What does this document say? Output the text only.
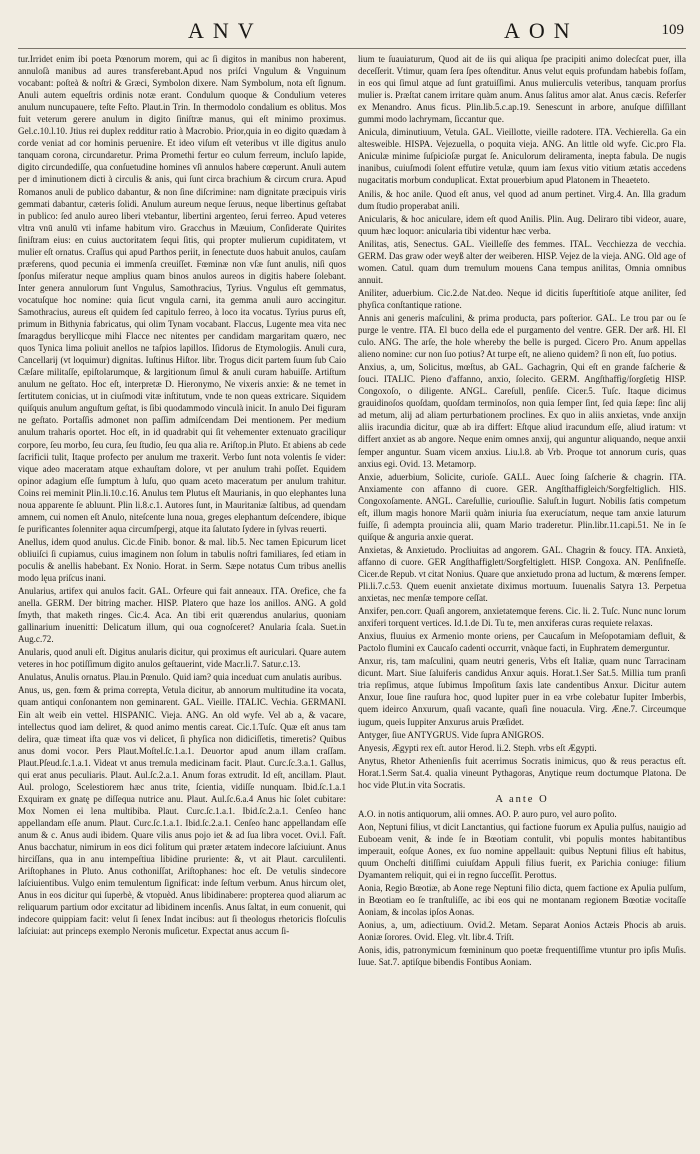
ANV	AON	109

tur.Irridet enim ibi poeta Pœnorum morem, qui ac ſi digitos in manibus non haberent, annuloſà manibus ad aures transferebant.Apud nos priſci Vngulum & Vnguinum vocabant: poſteà & noſtri & Græci, Symbolon dixere. Nam Symbolum, nota eſt ſignum. Anuli autem equeſtris ordinis notæ erant. Condulum quoque & Condulium veteres anulum nuncupauere, teſte Feſto. Plaut.in Trin. In thermodolo condalium es oblitus. Mos fuit veterum gerere anulum in digito ſiniſtræ manus, qui eſt minimo proximus. Gel.c.10.l.10. Jtius rei duplex redditur ratio à Macrobio. Prior,quia in eo digito quædam à corde veniat ad cor hominis peruenire. Et ideo viſum eſt veteribus vt ille digitus anulo tanquam corona, circundaretur. Prima Promethi fertur eo culum ferreum, incluſo lapide, digito circundediſſe, qua conſuetudine homines vſi annulos habere cœperunt. Anuli autem per d iminutionem dicti à circulis & anis, qui ſunt circa brachium & circum crura. Apud Romanos anuli de publico dabantur, & non ſine diſcrimine: nam dignitate præcipuis viris gemmati dabantur, cæteris ſolidi. Anulum aureum neque ſeruus, neque libertinus geſtabat in publico: ſed anulo aureo liberi vtebantur, libertini argenteo, ſerui ferreo. Apud veteres vltra vnū anulū vti infame habitum viro. Gracchus in Mæuium, Conſiderate Quirites ſiniſtram eius: en cuius auctoritatem ſequi ſitis, qui propter mulierum cupiditatem, vt mulier eſt ornatus. Craſſus qui apud Parthos periit, in ſenectute duos habuit anulos, cauſam præferens, quod pecunia ei immenſa creuiſſet. Fœminæ non vſæ ſunt anulis, niſi quos ſponſus miſeratur neque amplius quam binos anulos aureos in digitis habere ſolebant. Inter genera annulorum ſunt Vngulus, Samothracius, Tyrius. Vngulus eſt gemmatus, vocatuſque hoc nomine: quia ſicut vngula carni, ita gemma anuli auro accingitur. Samothracius, aureus eſt quidem ſed capitulo ferreo, à loco ita vocatus. Tyrius purus eſt, primum in Bithynia fabricatus, qui olim Tynam vocabant. Flaccus, Lugente mea vita nec ſmaragdus beryllicque mihi Flacce nec nitentes per candidam margaritam quæro, nec quos Tynica lima poliuit anellos ne taſpios lapillos. Iſidorus de Etymologiis. Anuli cura, Cancellarij (vt loquimur) dignitas. Iuſtinus Hiſtor. libr. Trogus dicit partem ſuum ſub Caio Cæſare militaſſe, epiſtolarumque, & largitionum ſimul & anuli curam habuiſſe. Artiſtum anulum ne geſtato. Hoc eſt, interpretæ D. Hieronymo, Ne vixeris anxie: & ne temet in ſertitutem conicias, ut in ciuſmodi vitæ inſtitutum, vnde te non queas extricare. Siquidem quiſquis anulum anguſtum geſtat, is ſibi quodammodo vinculà inicit. In anulo Dei figuram ne geſtato. Portaſſis admonet non paſſim admiſcendam Dei mentionem. Per medium anulum traharis oportet. Hoc eſt, in id quadrabit qui ſit vehementer extenuato graciliqur corpore, ſeu morbo, ſeu cura, ſeu ſtudio, ſeu qua alia re. Ariſtop.in Pluto. Et abiens ab cede ſacrificii tulit, Itaque profecto per anulum me traxerit. Verbo ſunt nota volentis ſe vider: vique adeo maceratam atque exhauſtam dolore, vt per anulum trahi poſſet. Equidem opinor adagium eſſe ſumptum à luſu, quo quam aceto maceratum per anulum trahitur. Coins rei meminit Plin.li.10.c.16. Anulus tem Plutus eſt Maurianis, in quo elephantes luna noua apparente ſe abluunt. Plin li.8.c.1. Autores ſunt, in Mauritaniæ ſaltibus, ad quendam amnem, cui nomen eſt Anulo, niteſcente luna noua, greges elephantum deſcendere, ibique ſe purificantes ſolenniter aqua circumſpergi, atque ita ſalutato ſydere in ſylvas reuerti.

Anellus, idem quod anulus. Cic.de Finib. bonor. & mal. lib.5. Nec tamen Epicurum licet obliuiſci ſi cupiamus, cuius imaginem non ſolum in tabulis noſtri familiares, ſed etiam in poculis & anellis habebant. Ex Nonio. Horat. in Serm. Sæpe notatus Cum tribus anellis modo lęua priſcus inani.

Anularius, artifex qui anulos facit. GAL. Orfeure qui fait anneaux. ITA. Orefice, che fa anella. GERM. Der bitring macher. HISP. Platero que haze los anillos. ANG. A gold ſmyth, that maketh ringes. Cic.4. Aca. An tibi erit quærendus anularius, quoniam gallinarium inuenitti: Delicatum illum, qui oua cognoſceret? Anularia ſcala. Suet.in Aug.c.72.

Anularis, quod anuli eſt. Digitus anularis dicitur, qui proximus eſt auriculari. Quare autem veteres in hoc potiſſimum digito anulos geſtauerint, vide Macr.li.7. Satur.c.13.

Anulatus, Anulis ornatus. Plau.in Pœnulo. Quid iam? quia inceduat cum anulatis auribus.

Anus, us, gen. fœm & prima correpta, Vetula dicitur, ab annorum multitudine ita vocata, quam antiqui conſonantem non geminarent. GAL. Vieille. ITALIC. Vechia. GERMANI. Ein alt weib ein vettel. HISPANIC. Vieja. ANG. An old wyfe. Vel ab a, & vacare, intellectus quod iam deliret, & quod animo mentis careat. Cic.1.Tuſc. Quæ eſt anus tam delira, quæ timeat iſta quæ vos vi delicet, ſi phyſica non didiciſſetis, timeretis? Quibus anus domi vocor. Pers Plaut.Moſtel.ſc.1.a.1. Deuortor apud anum illam craſſam. Plaut.Pſeud.ſc.1.a.1. Videat vt anus tremula medicinam facit. Plaut. Curc.ſc.3.a.1. Gallus, qui erat anus peculiaris. Plaut. Aul.ſc.2.a.1. Anum foras extrudit. Id eſt, ancillam. Plaut. Aul. prologo, Scelestiorem hæc anus trite, ſcientia, vidiſſe nunquam. Ibid.ſc.1.a.1 Exquiram ex gnatę pe diſſequa nutrice anu. Plaut. Aul.ſc.6.a.4 Anus hic ſolet cubitare: Mox Nomen ei lena multibiba. Plaut. Curc.ſc.1.a.1. Ibid.ſc.2.a.1. Cenſeo hanc appellandam eſſe anum. Plaut. Curc.ſc.1.a.1. Ibid.ſc.2.a.1. Cenſeo hanc appellandam eſſe anum & c. Anus audi ibidem. Quare vilis anus pojo iet & ad ſua libra vocet. Ovi.l. Faſt. Anus bacchatur, nimirum in eos dici folitum qui præter ætatem indecore laſciuiunt. Anus hirciſſans, qua in anu intempeſtiua libidine pruriente: &, vt ait Plaut. carculilenti. Ariſtophanes in Pluto. Anus cothoniſſat, Ariſtophanes: hoc eſt. De vetulis sindecore laſciuientibus. Vulgo enim temulentum ſignificat: inde ſeſtum verbum. Anus hircum olet, Anus in eos dicitur qui ſuperbè, & vtopuèd. Anus libidinabere: propterea quod aliarum ac reliquarum partium odor excitatur ad libidinem incenſis. Anus ſaltat, in eum conuenit, qui indecore quippiam facit: velut ſi ſenex Indat incibus: aut ſi theologus rhetoricis floſculis laſciuiat: aut princeps exemplo Neronis muſicetur. Expectat anus accum ſi-

lium te ſuauiaturum, Quod ait de iis qui aliqua ſpe pracipiti animo dolecſcat puer, illa deceſſerit. Vtimur, quam ſera ſpes oſtenditur. Anus velut equis profundam habebis foſſam, in eos qui ſimul atque ad ſunt gratuiſſimi. Anus mulierculis veteribus, tanquam prorſus mulier is. Præſtat canem irritare quàm anum. Anus ſalitus amor alat. Anus cæcis. Referſer ex Menandro. Anus ficus. Plin.lib.5.c.ap.19. Senescunt in arbore, anuſque diſſillant gummi modo lachrymam, ſiccantur que.

Anicula, diminutiuum, Vetula. GAL. Vieillotte, vieille radotere. ITA. Vechierella. Ga ein altesweible. HISPA. Vejezuella, o poquita vieja. ANG. An little old wyfe. Cic.pro Fla. Aniculæ minime ſuſpicioſæ purgat ſe. Aniculorum deliramenta, inepta fabula. De nugis inanibus, cuiuſmodi ſolent effutire vetulæ, quum iam ſexus vitio vitium ætatis accedens nugacitatis morbum conduplicat. Extat prouerbium apud Platonem in Theaeteto.

Anilis, & hoc anile. Quod eſt anus, vel quod ad anum pertinet. Virg.4. An. Illa gradum dum ſtudio properabat anili.

Anicularis, & hoc aniculare, idem eſt quod Anilis. Plin. Aug. Deliraro tibi videor, auare, quum hæc loquor: anicularia tibi videntur hæc verba.

Anilitas, atis, Senectus. GAL. Vieilleſſe des femmes. ITAL. Vecchiezza de vecchia. GERM. Das graw oder weyß alter der weiberen. HISP. Vejez de la vieja. ANG. Old age of women. Catul. quam dum tremulum mouens Cana tempus anilitas, Omnia omnibus annuit.

Aniliter, aduerbium. Cic.2.de Nat.deo. Neque id dicitis ſuperſtitioſe atque aniliter, ſed phyſica conſtantique ratione.

Annis ani generis maſculini, & prima producta, pars poſterior. GAL. Le trou par ou ſe purge le ventre. ITA. El buco della ede el purgamento del ventre. GER. Der arß. HI. El culo. ANG. The arſe, the hole whereby the belle is purged. Cicero Pro. Anum appellas alieno nomine: cur non ſuo potius? At turpe eſt, ne alieno quidem? ſi non eſt, ſuo potius.

Anxius, a, um, Solicitus, mœſtus, ab GAL. Gachagrin, Qui eſt en grande faſcherie & ſouci. ITALIC. Pieno d'affanno, anxio, ſolecito. GERM. Angſthaffig/ſorgſetig HISP. Congoxoſo, o diligente. ANGL. Careſull, penſiſe. Cicer.5. Tuſc. Itaque dicimus grauidinoſos quoſdam, quoſdam terminoſos, non quia ſemper ſint, ſed quia ſæpe: ſinc alij ad metum, alij ad aliam perturbationem proclines. Ex quo in aliis anxietas, vnde anxijn aliis iracundia dicitur, quæ ab ira differt: Eſtque aliud iracundum eſſe, aliud iratum: vt differt anxiet as ab angore. Neque enim omnes anxij, qui anguntur aliquando, neque anxii ſemper anguntur. Suam vicem anxius. Liu.l.8. ab Vrb. Proque tot annorum curis, quas anxius egi. Ovid. 13. Metamorp.

Anxie, aduerbium, Solicite, curioſe. GALL. Auec ſoing ſaſcherie & chagrin. ITA. Anxiamente con affanno di cuore. GER. Angſthaffigleich/Sorgfeltiglich. HIS. Congoxoſamente. ANGL. Careſullie, curiouſlie. Saluſt.in Iugurt. Nobilis ſatis competum eſt, illum magis honore Marii quàm iniuria ſua exerucíatum, neque tam anxie laturum fuiſſe, ſi adempta prouincia alii, quam Mario traderetur. Plin.libr.11.capi.51. Ne in ſe quiſque & anguria anxie querat.

Anxietas, & Anxietudo. Procliuitas ad angorem. GAL. Chagrin & foucy. ITA. Anxietà, affanno di cuore. GER Angſthaffiglett/Sorgfeltiglett. HISP. Congoxa. AN. Penſifneſſe. Cicer.de Repub. vt citat Nonius. Quare que anxietudo prona ad luctum, & mœrens ſemper. Pli.li.7.c.53. Quem euenit anxietate diximus mortuum. Iuuenalis Satyra 13. Perpetua anxietas, nec menſæ tempore ceſſat.

Anxifer, pen.corr. Quaſi angorem, anxietatemque ferens. Cic. li. 2. Tuſc. Nunc nunc lorum anxiferi torquent vertices. Id.1.de Di. Tu te, men anxiferas curas requiete relaxas.

Anxius, fluuius ex Armenio monte oriens, per Caucaſum in Meſopotamiam defluit, & Pactolo flumini ex Caucaſo cadenti occurrit, vnàque facti, in Euphratem demerguntur.

Anxur, ris, tam maſculini, quam neutri generis, Vrbs eſt Italiæ, quam nunc Tarracinam dicunt. Mart. Siue ſaluiferis candidus Anxur aquis. Horat.1.Ser Sat.5. Millia tum pranſi tria repſimus, atque ſubimus Impoſitum ſaxis late candentibus Anxur. Dicitur autem Anxur, Ioue ſine rauſura hoc, quod lupiter puer in ea vrbe colebatur Iupiter Imberbis, quem ideirco Anxurum, quaſi vacante, quaſi ſine nouacula. Virg. Æne.7. Circeumque iugum, queis Iuppiter Anxurus aruis Præſidet.

Antyger, ſiue ANTYGRUS. Vide ſupra ANIGROS.

Anyesis, Ægypti rex eſt. autor Herod. li.2. Steph. vrbs eſt Ægypti.

Anytus, Rhetor Athenienſis fuit acerrimus Socratis inimicus, quo & reus peractus eſt. Horat.1.Serm Sat.4. qualia vineunt Pythagoras, Anytique reum doctumque Platona. De hoc vide Plut.in vita Socratis.

A ante O

A.O. in notis antiquorum, alii omnes. AO. P. auro puro, vel auro poſito.

Aon, Neptuni filius, vt dicit Lanctantius, qui factione fuorum ex Apulia pulſus, nauigio ad Euboeam venit, & inde ſe in Bœotiam contulit, vbi populis montes habitantibus imperauit, eoſque Aones, ex ſuo nomine appellauit: quibus Neptuni filius eſt habitus, quum Oncheſti ditiſſimi cuiuſdam Appuli filius fuerit, ex Parichia coniuge: filium Dyamantem reliquit, qui ei in regno ſucceſſit. Perottus.

Aonia, Regio Bœotiæ, ab Aone rege Neptuni filio dicta, quem factione ex Apulia pulſum, in Bœotiam eo ſe tranſtuliſſe, ac ibi eos qui ne montanam regionem Bœotiæ vocitaſſe Aoniam, & incolas ipſos Aonas.

Aonius, a, um, adiectiuum. Ovid.2. Metam. Separat Aonios Actæis Phocis ab aruis. Aoniæ ſorores. Ovid. Eleg. vlt. libr.4. Triſt.

Aonis, idis, patronymicum fœmininum quo poetæ frequentiſſime vtuntur pro ipſis Muſis. Iuue. Sat.7. aptiſque bibendis Fontibus Aoniam.
